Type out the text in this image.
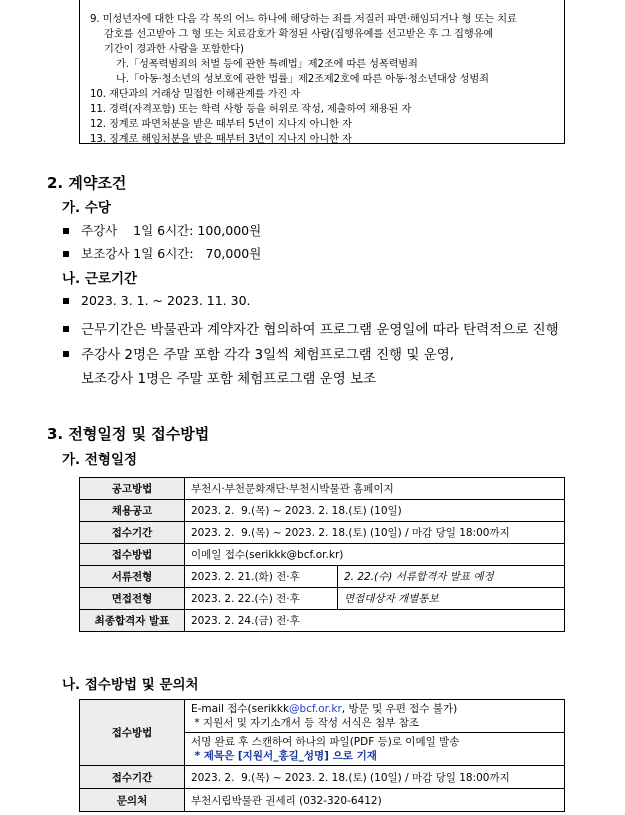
9. 미성년자에 대한 다음 각 목의 어느 하나에 해당하는 죄를 저질러 파면·해임되거나 형 또는 치료
감호를 선고받아 그 형 또는 치료감호가 확정된 사람(집행유예를 선고받은 후 그 집행유예
기간이 경과한 사람을 포함한다)
가.「성폭력범죄의 처벌 등에 관한 특례법」제2조에 따른 성폭력범죄
나.「아동·청소년의 성보호에 관한 법률」제2조제2호에 따른 아동·청소년대상 성범죄
10. 재단과의 거래상 밀접한 이해관계를 가진 자
11. 경력(자격포함) 또는 학력 사항 등을 허위로 작성, 제출하여 채용된 자
12. 징계로 파면처분을 받은 때부터 5년이 지나지 아니한 자
13. 징계로 해임처분을 받은 때부터 3년이 지나지 아니한 자
2. 계약조건
가. 수당
주강사    1일 6시간: 100,000원
보조강사 1일 6시간:   70,000원
나. 근로기간
2023. 3. 1. ~ 2023. 11. 30.
근무기간은 박물관과 계약자간 협의하여 프로그램 운영일에 따라 탄력적으로 진행
주강사 2명은 주말 포함 각각 3일씩 체험프로그램 진행 및 운영,
보조강사 1명은 주말 포함 체험프로그램 운영 보조
3. 전형일정 및 접수방법
가. 전형일정
공고방법	부천시·부천문화재단·부천시박물관 홈페이지	
채용공고	2023. 2.  9.(목) ~ 2023. 2. 18.(토) (10일)	
접수기간	2023. 2.  9.(목) ~ 2023. 2. 18.(토) (10일) / 마감 당일 18:00까지	
접수방법	이메일 접수(serikkk@bcf.or.kr)	
서류전형	2023. 2. 21.(화) 전·후	2. 22.(수) 서류합격자 발표 예정
면접전형	2023. 2. 22.(수) 전·후	면접대상자 개별통보
최종합격자 발표	2023. 2. 24.(금) 전·후	
나. 접수방법 및 문의처
접수방법	E-mail 접수(serikkk@bcf.or.kr, 방문 및 우편 접수 불가)
* 지원서 및 자기소개서 등 작성 서식은 첨부 참조
서명 완료 후 스캔하여 하나의 파일(PDF 등)로 이메일 발송
* 제목은 [지원서_홍길_성명] 으로 기재

접수기간	2023. 2.  9.(목) ~ 2023. 2. 18.(토) (10일) / 마감 당일 18:00까지
문의처	부천시립박물관 권세리 (032-320-6412)
